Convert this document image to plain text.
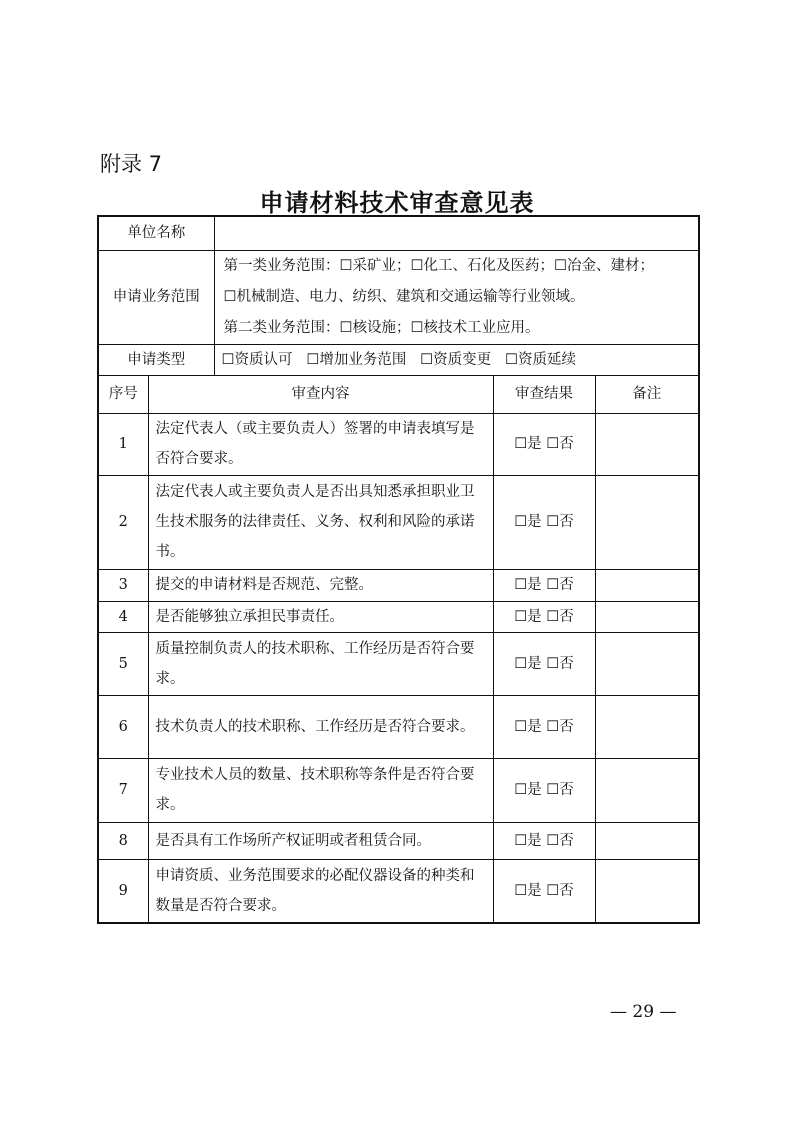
附录 7
申请材料技术审查意见表
单位名称				
申请业务范围		第一类业务范围：☐采矿业；☐化工、石化及医药；☐冶金、建材；
☐机械制造、电力、纺织、建筑和交通运输等行业领域。
第二类业务范围：☐核设施；☐核技术工业应用。		

申请类型		☐资质认可   ☐增加业务范围   ☐资质变更   ☐资质延续		
序号	审查内容		审查结果	备注
1	法定代表人（或主要负责人）签署的申请表填写是否符合要求。		☐是 ☐否	
2	法定代表人或主要负责人是否出具知悉承担职业卫生技术服务的法律责任、义务、权利和风险的承诺书。		☐是 ☐否	
3	提交的申请材料是否规范、完整。		☐是 ☐否	
4	是否能够独立承担民事责任。		☐是 ☐否	
5	质量控制负责人的技术职称、工作经历是否符合要求。		☐是 ☐否	
6	技术负责人的技术职称、工作经历是否符合要求。		☐是 ☐否	
7	专业技术人员的数量、技术职称等条件是否符合要求。		☐是 ☐否	
8	是否具有工作场所产权证明或者租赁合同。		☐是 ☐否	
9	申请资质、业务范围要求的必配仪器设备的种类和数量是否符合要求。		☐是 ☐否	
— 29 —
